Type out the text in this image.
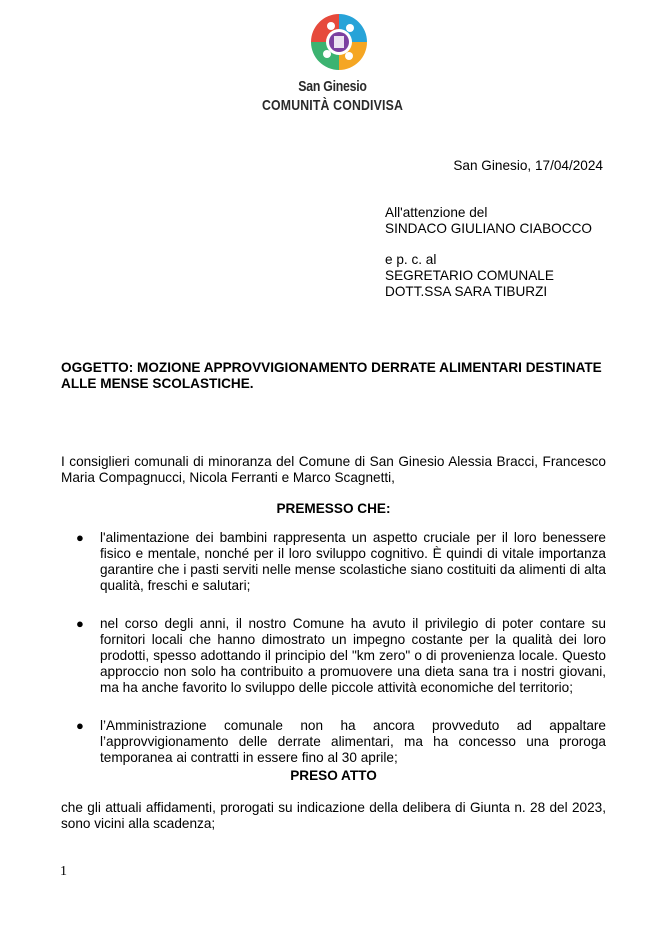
San Ginesio
COMUNITÀ CONDIVISA
San Ginesio, 17/04/2024
All'attenzione del
SINDACO GIULIANO CIABOCCO
e p. c. al
SEGRETARIO COMUNALE
DOTT.SSA SARA TIBURZI
OGGETTO: MOZIONE APPROVVIGIONAMENTO DERRATE ALIMENTARI DESTINATE ALLE MENSE SCOLASTICHE.
I consiglieri comunali di minoranza del Comune di San Ginesio Alessia Bracci, Francesco Maria Compagnucci, Nicola Ferranti e Marco Scagnetti,
PREMESSO CHE:
● l'alimentazione dei bambini rappresenta un aspetto cruciale per il loro benessere fisico e mentale, nonché per il loro sviluppo cognitivo. È quindi di vitale importanza garantire che i pasti serviti nelle mense scolastiche siano costituiti da alimenti di alta qualità, freschi e salutari;
● nel corso degli anni, il nostro Comune ha avuto il privilegio di poter contare su fornitori locali che hanno dimostrato un impegno costante per la qualità dei loro prodotti, spesso adottando il principio del "km zero" o di provenienza locale. Questo approccio non solo ha contribuito a promuovere una dieta sana tra i nostri giovani, ma ha anche favorito lo sviluppo delle piccole attività economiche del territorio;
● l’Amministrazione comunale non ha ancora provveduto ad appaltare l’approvvigionamento delle derrate alimentari, ma ha concesso una proroga temporanea ai contratti in essere fino al 30 aprile;
PRESO ATTO
che gli attuali affidamenti, prorogati su indicazione della delibera di Giunta n. 28 del 2023, sono vicini alla scadenza;
1
